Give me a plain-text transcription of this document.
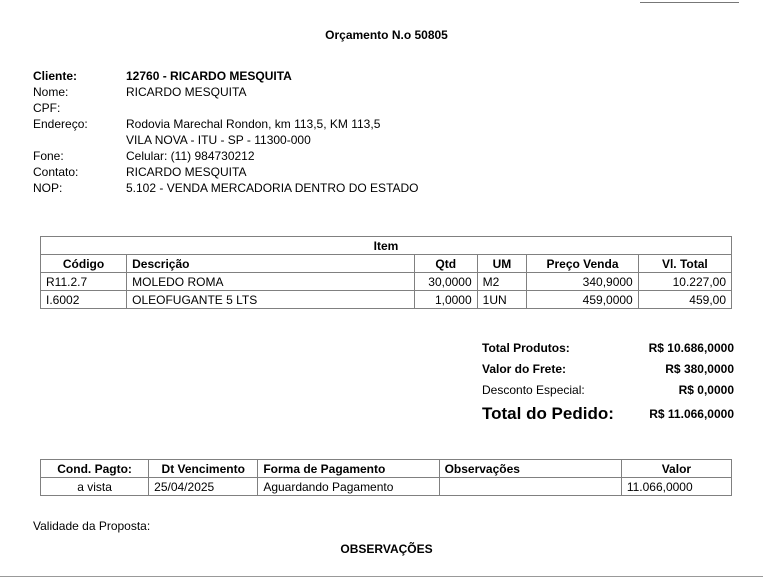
Orçamento N.o 50805
Cliente:	12760 - RICARDO MESQUITA
Nome:	RICARDO MESQUITA
CPF:
Endereço:	Rodovia Marechal Rondon, km 113,5, KM 113,5
VILA NOVA - ITU - SP - 11300-000
Fone:	Celular: (11) 984730212
Contato:	RICARDO MESQUITA
NOP:	5.102 - VENDA MERCADORIA DENTRO DO ESTADO
Item					
Código	Descrição	Qtd	UM	Preço Venda	Vl. Total
R11.2.7	MOLEDO ROMA	30,0000	M2	340,9000	10.227,00
I.6002	OLEOFUGANTE 5 LTS	1,0000	1UN	459,0000	459,00
Total Produtos:	R$ 10.686,0000
Valor do Frete:	R$ 380,0000
Desconto Especial:	R$ 0,0000
Total do Pedido:	R$ 11.066,0000
Cond. Pagto:	Dt Vencimento	Forma de Pagamento	Observações	Valor
a vista	25/04/2025	Aguardando Pagamento		11.066,0000
Validade da Proposta:
OBSERVAÇÕES
